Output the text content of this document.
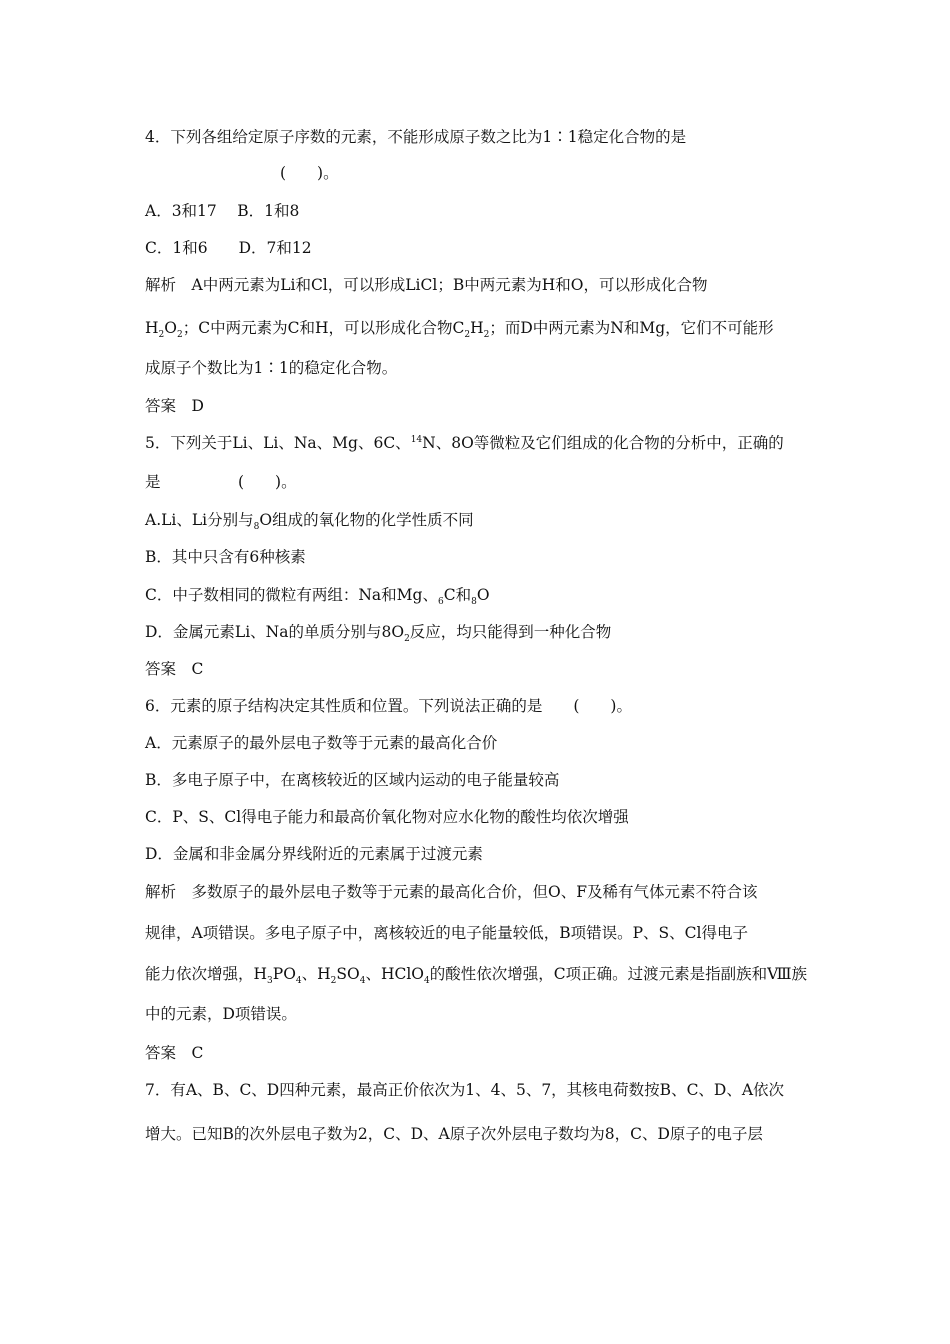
4．下列各组给定原子序数的元素，不能形成原子数之比为1∶1稳定化合物的是
(　　)。
A．3和17　 B．1和8
C．1和6　　D．7和12
解析　A中两元素为Li和Cl，可以形成LiCl；B中两元素为H和O，可以形成化合物
$H_2O_2$；C中两元素为C和H，可以形成化合物$C_2H_2$；而D中两元素为N和Mg，它们不可能形
成原子个数比为1∶1的稳定化合物。
答案　D
5．下列关于Li、Li、Na、Mg、6C、$^{14}$N、8O等微粒及它们组成的化合物的分析中，正确的
是　　　　　(　　)。
A.Li、Li分别与$_8$O组成的氧化物的化学性质不同
B．其中只含有6种核素
C．中子数相同的微粒有两组：Na和Mg、$_6$C和$_8$O
D．金属元素Li、Na的单质分别与$8O_2$反应，均只能得到一种化合物
答案　C
6．元素的原子结构决定其性质和位置。下列说法正确的是　　(　　)。
A．元素原子的最外层电子数等于元素的最高化合价
B．多电子原子中，在离核较近的区域内运动的电子能量较高
C．P、S、Cl得电子能力和最高价氧化物对应水化物的酸性均依次增强
D．金属和非金属分界线附近的元素属于过渡元素
解析　多数原子的最外层电子数等于元素的最高化合价，但O、F及稀有气体元素不符合该
规律，A项错误。多电子原子中，离核较近的电子能量较低，B项错误。P、S、Cl得电子
能力依次增强，$H_3PO_4$、$H_2SO_4$、HClO$_4$的酸性依次增强，C项正确。过渡元素是指副族和Ⅷ族
中的元素，D项错误。
答案　C
7．有A、B、C、D四种元素，最高正价依次为1、4、5、7，其核电荷数按B、C、D、A依次
增大。已知B的次外层电子数为2，C、D、A原子次外层电子数均为8，C、D原子的电子层
